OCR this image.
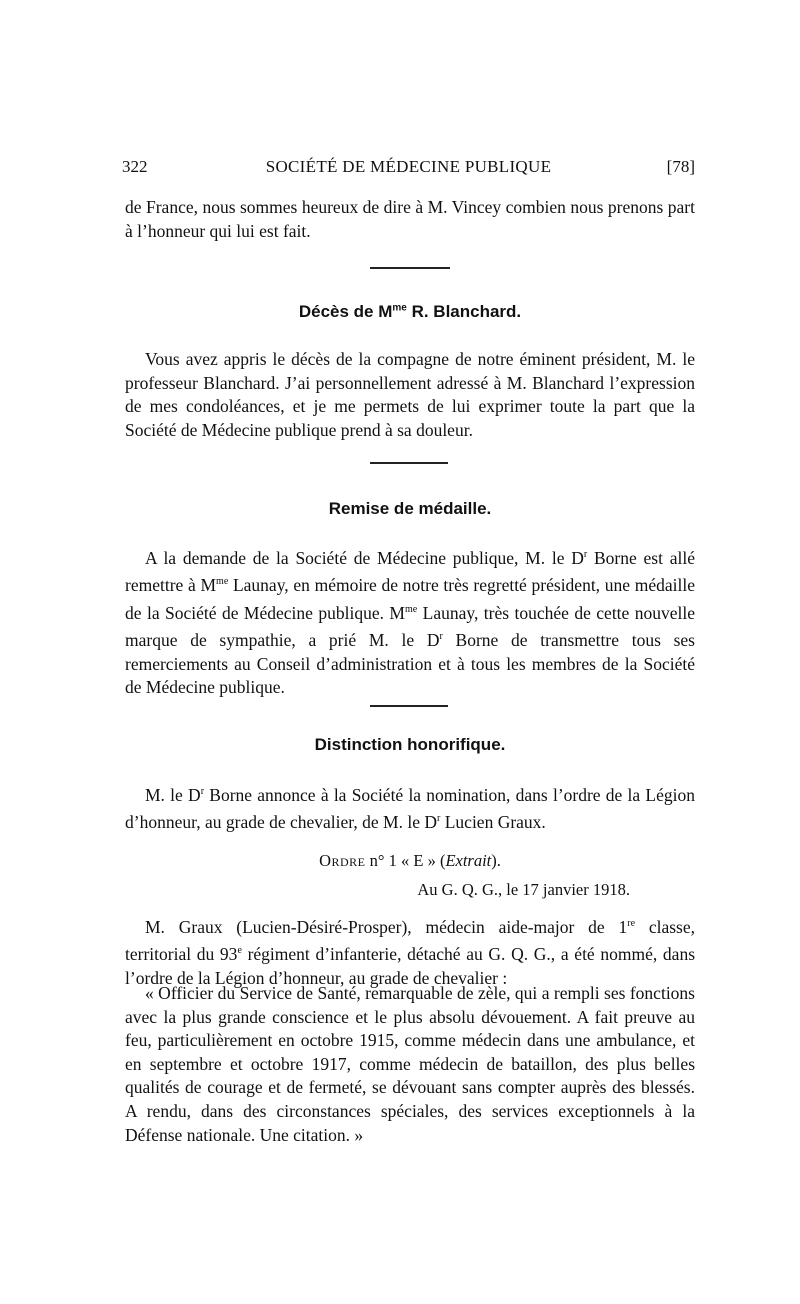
322	SOCIÉTÉ DE MÉDECINE PUBLIQUE	[78]

de France, nous sommes heureux de dire à M. Vincey combien nous prenons part à l’honneur qui lui est fait.

Décès de $M^{me}$ R. Blanchard.

Vous avez appris le décès de la compagne de notre éminent président, M. le professeur Blanchard. J’ai personnellement adressé à M. Blanchard l’expression de mes condoléances, et je me permets de lui exprimer toute la part que la Société de Médecine publique prend à sa douleur.

Remise de médaille.

A la demande de la Société de Médecine publique, M. le $D^r$ Borne est allé remettre à $M^{me}$ Launay, en mémoire de notre très regretté président, une médaille de la Société de Médecine publique. $M^{me}$ Launay, très touchée de cette nouvelle marque de sympathie, a prié M. le $D^r$ Borne de transmettre tous ses remerciements au Conseil d’administration et à tous les membres de la Société de Médecine publique.

Distinction honorifique.

M. le $D^r$ Borne annonce à la Société la nomination, dans l’ordre de la Légion d’honneur, au grade de chevalier, de M. le $D^r$ Lucien Graux.

Ordre n° 1 « E » (Extrait).

Au G. Q. G., le 17 janvier 1918.

M. Graux (Lucien-Désiré-Prosper), médecin aide-major de 1re classe, territorial du 93e régiment d’infanterie, détaché au G. Q. G., a été nommé, dans l’ordre de la Légion d’honneur, au grade de chevalier :

« Officier du Service de Santé, remarquable de zèle, qui a rempli ses fonctions avec la plus grande conscience et le plus absolu dévouement. A fait preuve au feu, particulièrement en octobre 1915, comme médecin dans une ambulance, et en septembre et octobre 1917, comme médecin de bataillon, des plus belles qualités de courage et de fermeté, se dévouant sans compter auprès des blessés. A rendu, dans des circonstances spéciales, des services exceptionnels à la Défense nationale. Une citation. »
